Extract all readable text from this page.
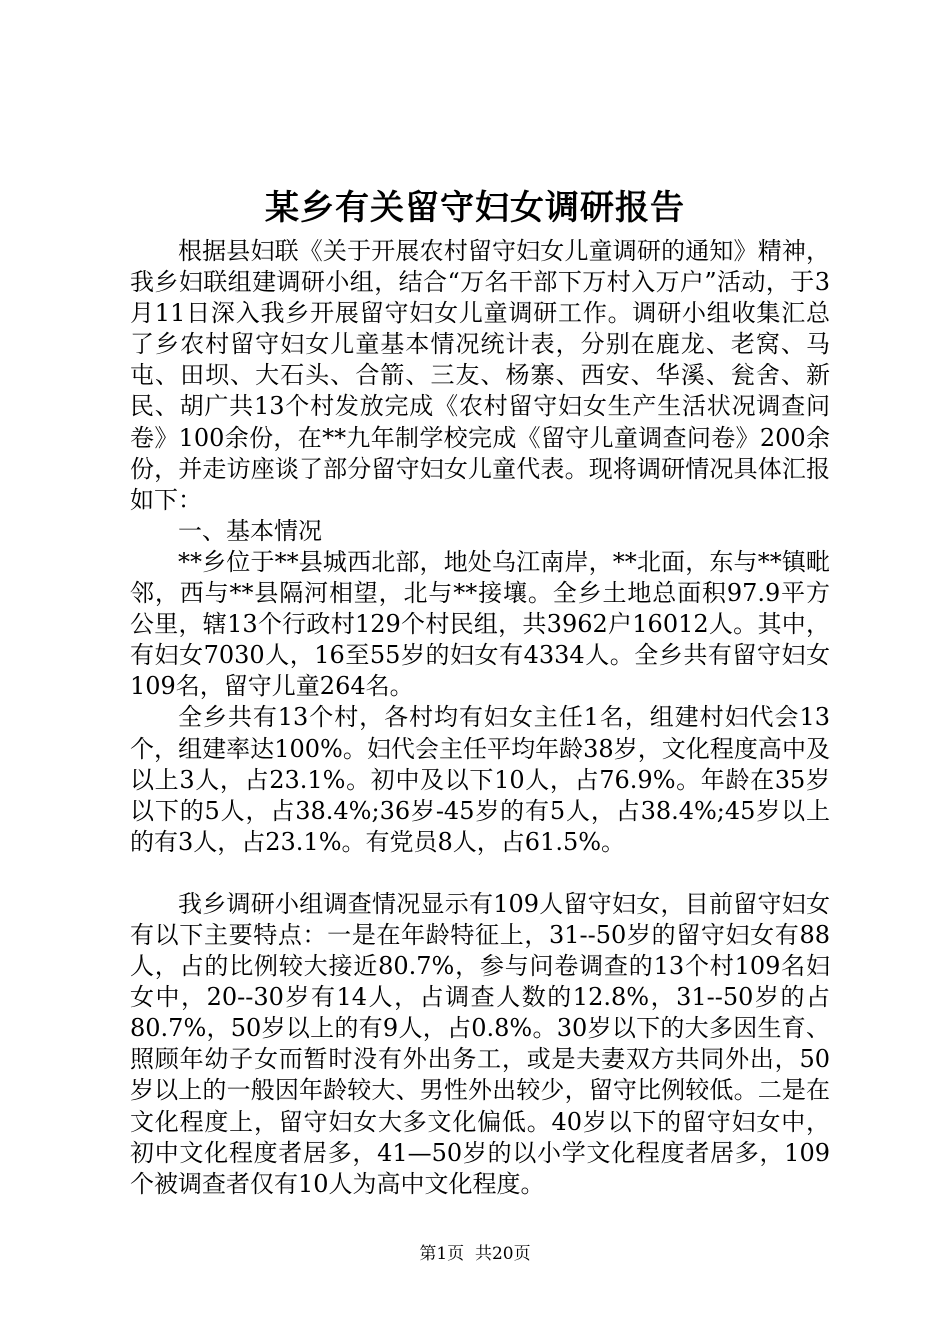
某乡有关留守妇女调研报告

根据县妇联《关于开展农村留守妇女儿童调研的通知》精神，我乡妇联组建调研小组，结合“万名干部下万村入万户”活动，于3月11日深入我乡开展留守妇女儿童调研工作。调研小组收集汇总了乡农村留守妇女儿童基本情况统计表，分别在鹿龙、老窝、马屯、田坝、大石头、合箭、三友、杨寨、西安、华溪、瓮舍、新民、胡广共13个村发放完成《农村留守妇女生产生活状况调查问卷》100余份，在**九年制学校完成《留守儿童调查问卷》200余份，并走访座谈了部分留守妇女儿童代表。现将调研情况具体汇报如下：

一、基本情况

**乡位于**县城西北部，地处乌江南岸，**北面，东与**镇毗邻，西与**县隔河相望，北与**接壤。全乡土地总面积97.9平方公里，辖13个行政村129个村民组，共3962户16012人。其中，有妇女7030人，16至55岁的妇女有4334人。全乡共有留守妇女109名，留守儿童264名。

全乡共有13个村，各村均有妇女主任1名，组建村妇代会13个，组建率达100%。妇代会主任平均年龄38岁，文化程度高中及以上3人，占23.1%。初中及以下10人，占76.9%。年龄在35岁以下的5人，占38.4%;36岁-45岁的有5人，占38.4%;45岁以上的有3人，占23.1%。有党员8人，占61.5%。

我乡调研小组调查情况显示有109人留守妇女，目前留守妇女有以下主要特点：一是在年龄特征上，31--50岁的留守妇女有88人，占的比例较大接近80.7%，参与问卷调查的13个村109名妇女中，20--30岁有14人，占调查人数的12.8%，31--50岁的占80.7%，50岁以上的有9人，占0.8%。30岁以下的大多因生育、照顾年幼子女而暂时没有外出务工，或是夫妻双方共同外出，50岁以上的一般因年龄较大、男性外出较少，留守比例较低。二是在文化程度上，留守妇女大多文化偏低。40岁以下的留守妇女中，初中文化程度者居多，41—50岁的以小学文化程度者居多，109个被调查者仅有10人为高中文化程度。

第1页  共20页
